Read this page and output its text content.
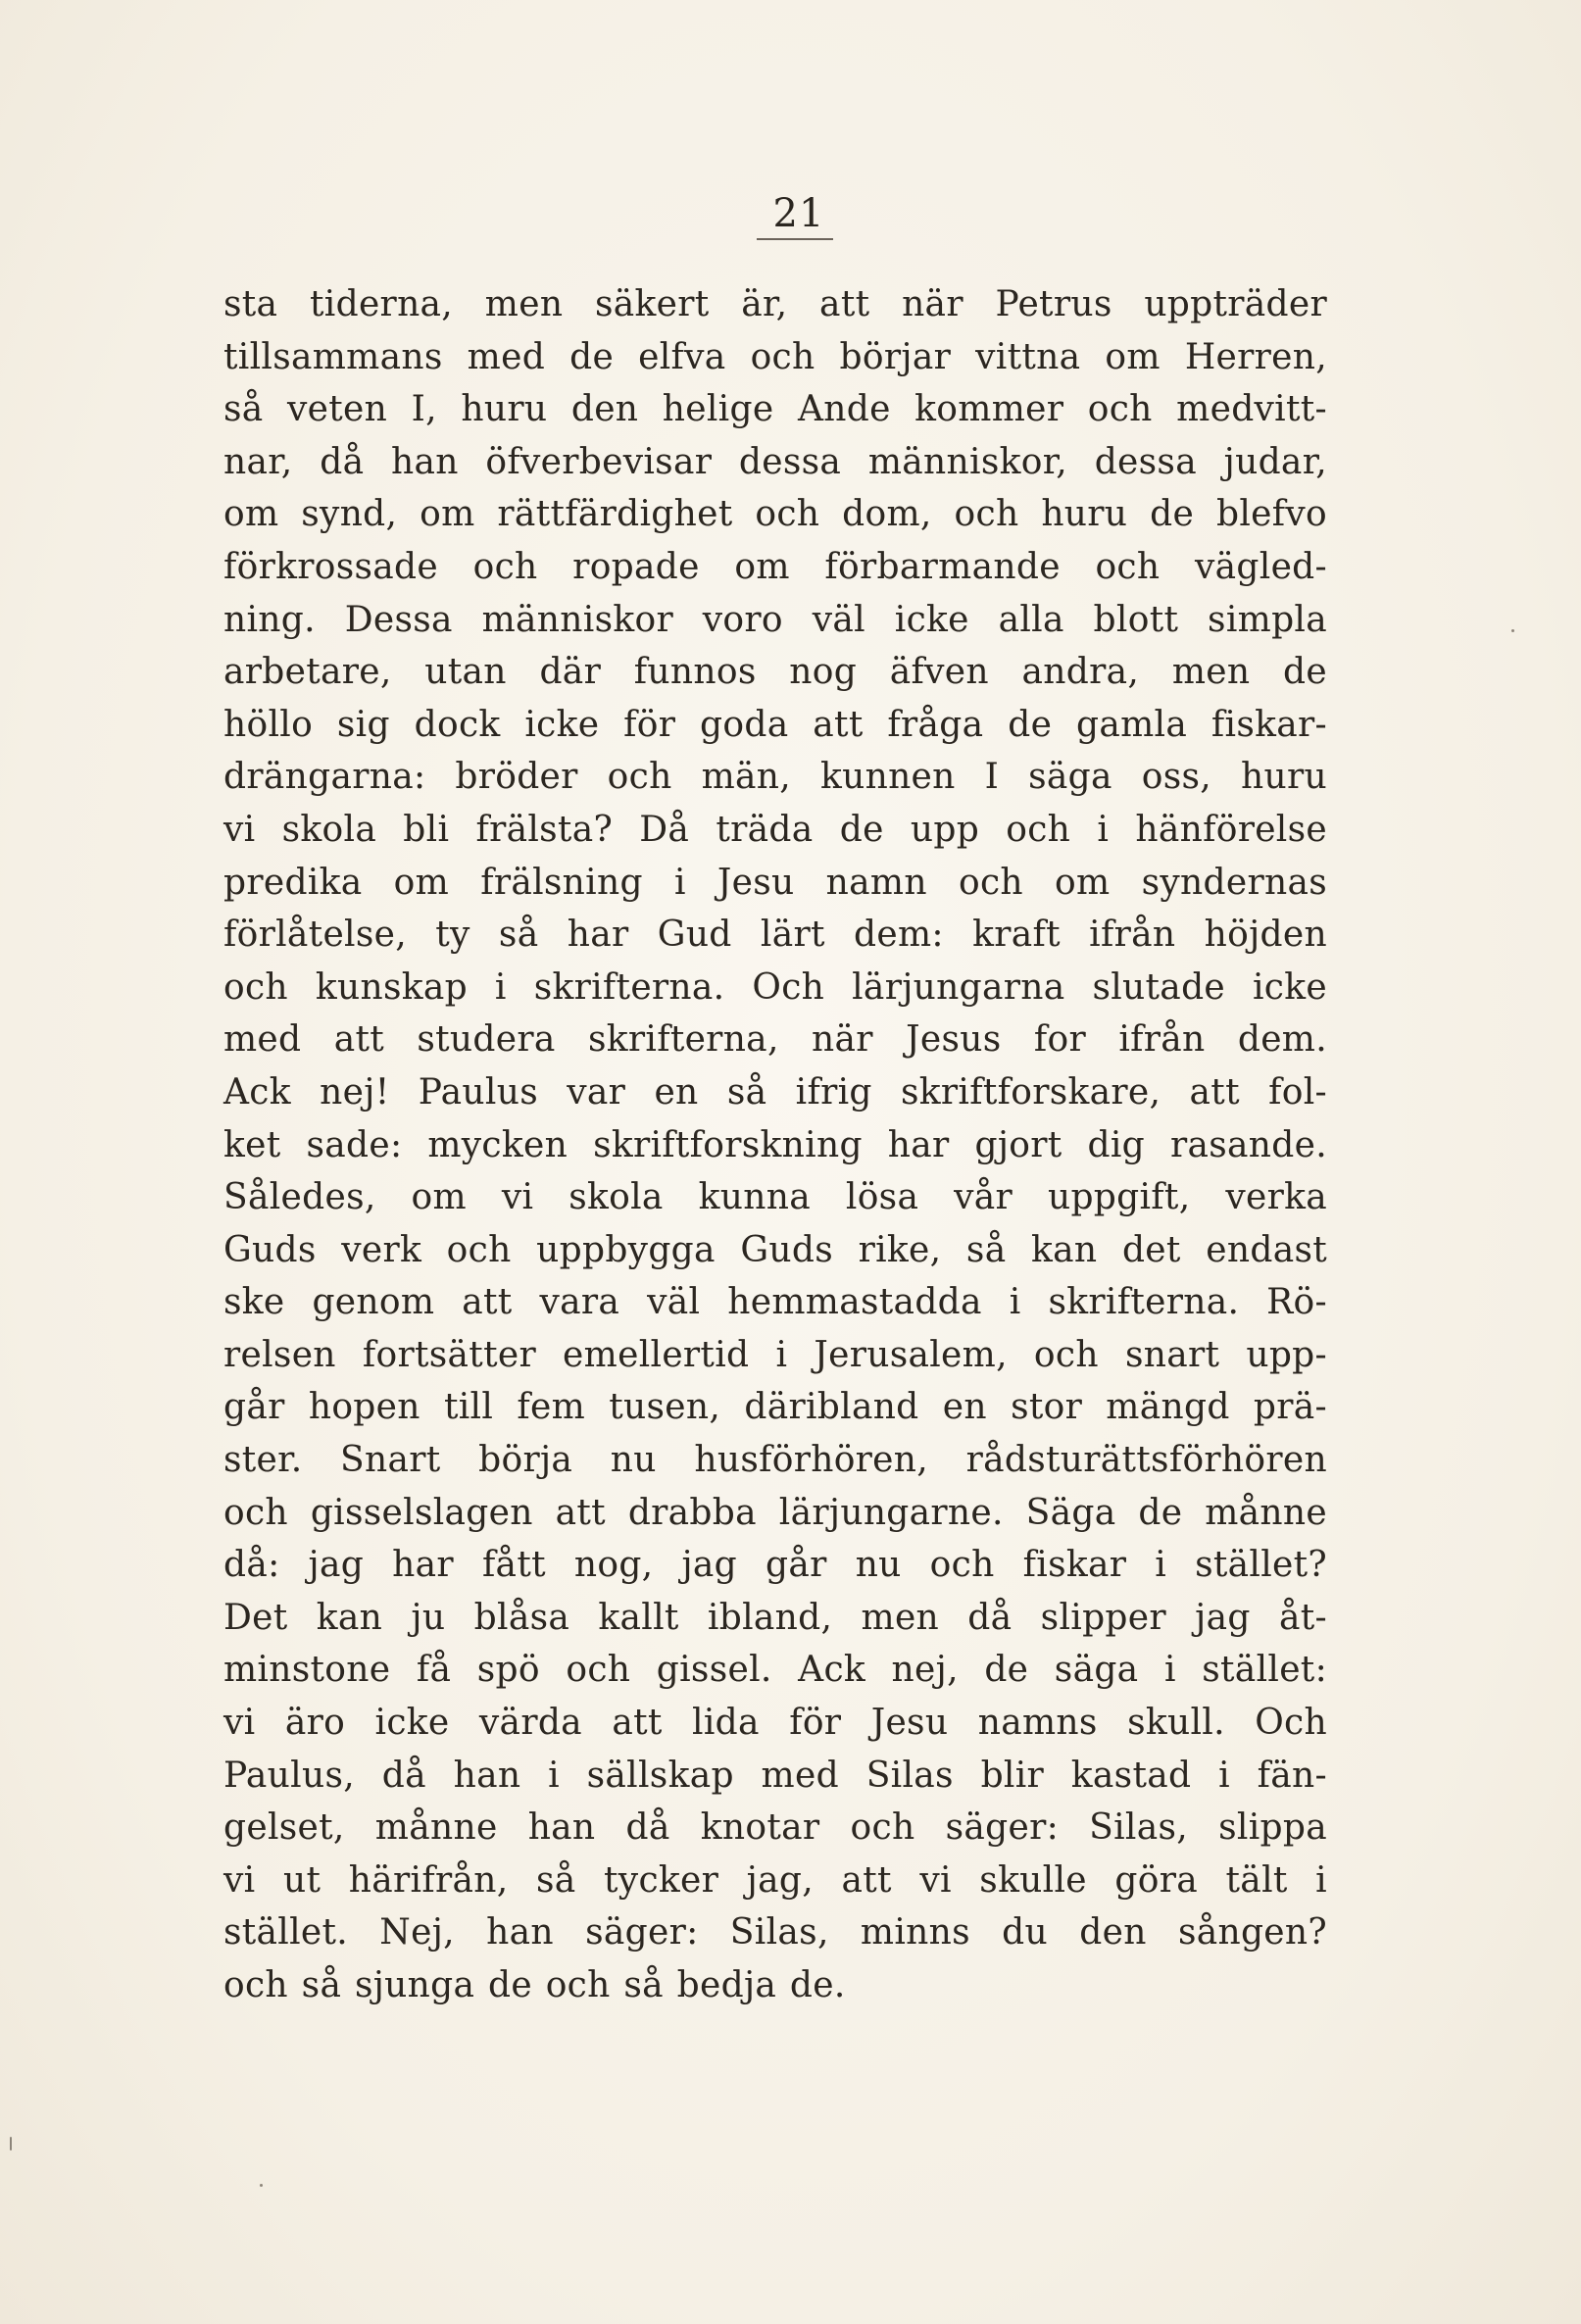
21
sta tiderna, men säkert är, att när Petrus uppträder
tillsammans med de elfva och börjar vittna om Herren,
så veten I, huru den helige Ande kommer och medvitt-
nar, då han öfverbevisar dessa människor, dessa judar,
om synd, om rättfärdighet och dom, och huru de blefvo
förkrossade och ropade om förbarmande och vägled-
ning. Dessa människor voro väl icke alla blott simpla
arbetare, utan där funnos nog äfven andra, men de
höllo sig dock icke för goda att fråga de gamla fiskar-
drängarna: bröder och män, kunnen I säga oss, huru
vi skola bli frälsta? Då träda de upp och i hänförelse
predika om frälsning i Jesu namn och om syndernas
förlåtelse, ty så har Gud lärt dem: kraft ifrån höjden
och kunskap i skrifterna. Och lärjungarna slutade icke
med att studera skrifterna, när Jesus for ifrån dem.
Ack nej! Paulus var en så ifrig skriftforskare, att fol-
ket sade: mycken skriftforskning har gjort dig rasande.
Således, om vi skola kunna lösa vår uppgift, verka
Guds verk och uppbygga Guds rike, så kan det endast
ske genom att vara väl hemmastadda i skrifterna. Rö-
relsen fortsätter emellertid i Jerusalem, och snart upp-
går hopen till fem tusen, däribland en stor mängd prä-
ster. Snart börja nu husförhören, rådsturättsförhören
och gisselslagen att drabba lärjungarne. Säga de månne
då: jag har fått nog, jag går nu och fiskar i stället?
Det kan ju blåsa kallt ibland, men då slipper jag åt-
minstone få spö och gissel. Ack nej, de säga i stället:
vi äro icke värda att lida för Jesu namns skull. Och
Paulus, då han i sällskap med Silas blir kastad i fän-
gelset, månne han då knotar och säger: Silas, slippa
vi ut härifrån, så tycker jag, att vi skulle göra tält i
stället. Nej, han säger: Silas, minns du den sången?
och så sjunga de och så bedja de.
